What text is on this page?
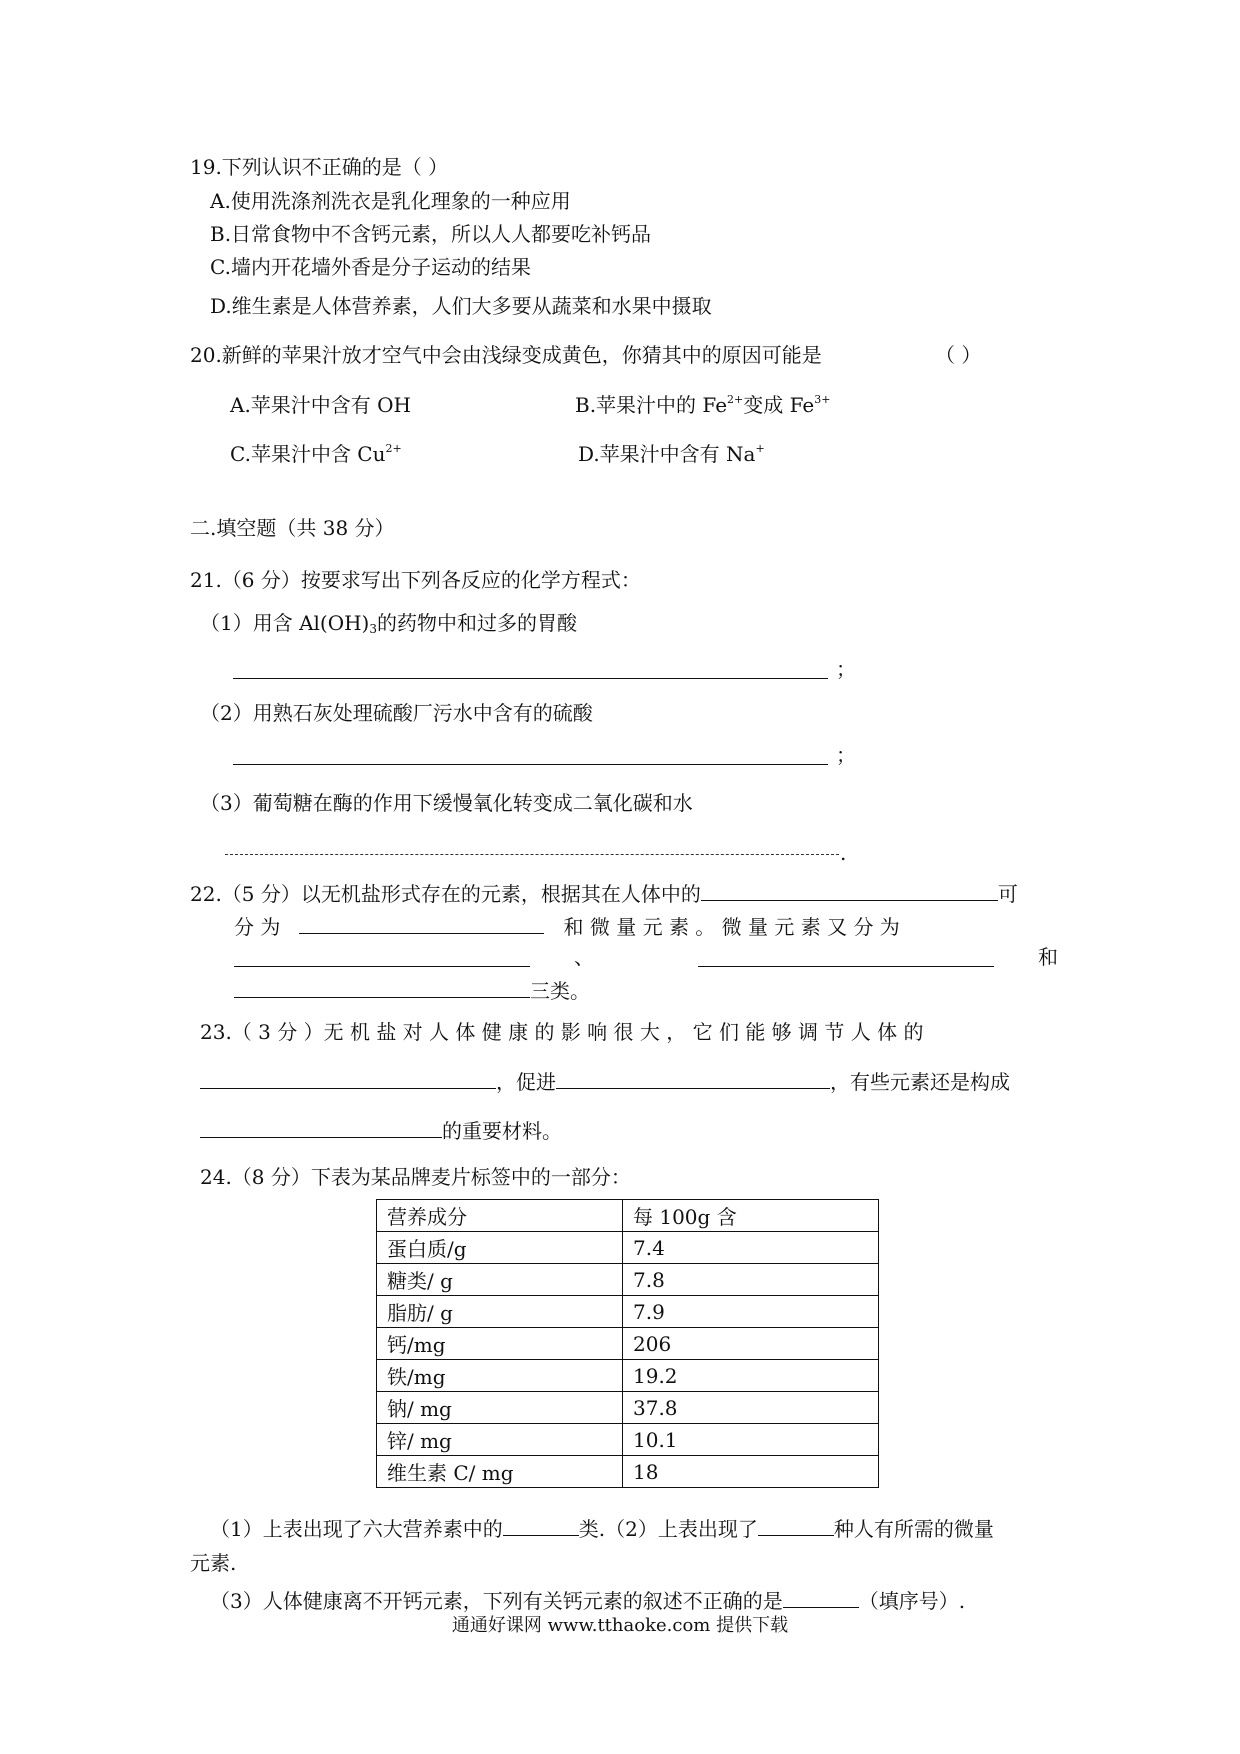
19.下列认识不正确的是（ ）
A.使用洗涤剂洗衣是乳化理象的一种应用
B.日常食物中不含钙元素，所以人人都要吃补钙品
C.墙内开花墙外香是分子运动的结果
D.维生素是人体营养素，人们大多要从蔬菜和水果中摄取
20.新鲜的苹果汁放才空气中会由浅绿变成黄色，你猜其中的原因可能是	（ ）
A.苹果汁中含有 OH	B.苹果汁中的 $Fe^{2+}$变成 $Fe^{3+}$
C.苹果汁中含 $Cu^{2+}$	D.苹果汁中含有 Na+
二.填空题（共 38 分）
21.（6 分）按要求写出下列各反应的化学方程式：
（1）用含 $Al(OH)_3$的药物中和过多的胃酸
；
（2）用熟石灰处理硫酸厂污水中含有的硫酸
；
（3）葡萄糖在酶的作用下缓慢氧化转变成二氧化碳和水
.
22.（5 分）以无机盐形式存在的元素，根据其在人体中的	可
分 为	和 微 量 元 素 。 微 量 元 素 又 分 为
、	和
三类。
23.（ 3 分 ）无 机 盐 对 人 体 健 康 的 影 响 很 大 ， 它 们 能 够 调 节 人 体 的
，促进	，有些元素还是构成
的重要材料。
24.（8 分）下表为某品牌麦片标签中的一部分：
营养成分	每 100g 含
蛋白质/g	7.4
糖类/ g	7.8
脂肪/ g	7.9
钙/mg	206
铁/mg	19.2
钠/ mg	37.8
锌/ mg	10.1
维生素 C/ mg	18
（1）上表出现了六大营养素中的	类.（2）上表出现了	种人有所需的微量
元素.
（3）人体健康离不开钙元素，下列有关钙元素的叙述不正确的是	（填序号）.
通通好课网 www.tthaoke.com 提供下载
